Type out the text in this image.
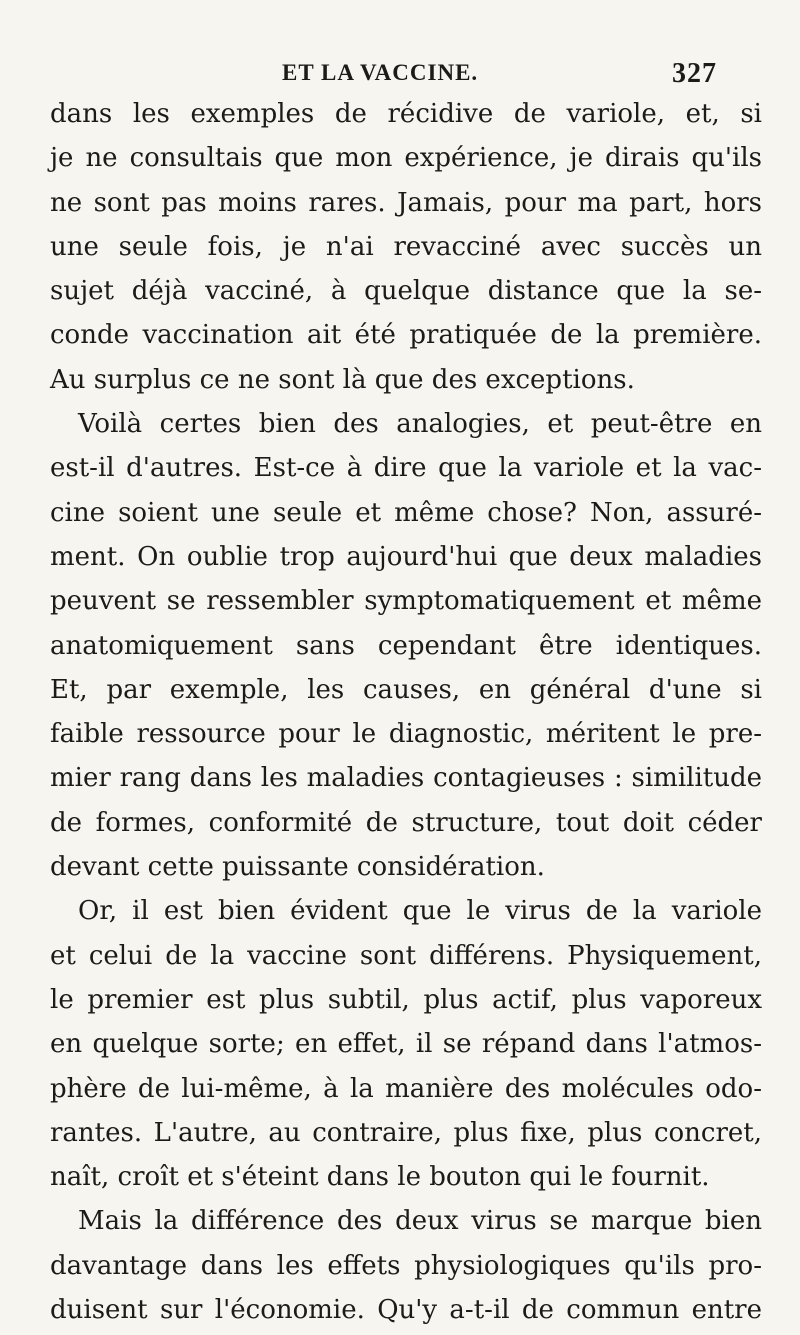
ET LA VACCINE.	327
dans les exemples de récidive de variole, et, si
je ne consultais que mon expérience, je dirais qu'ils
ne sont pas moins rares. Jamais, pour ma part, hors
une seule fois, je n'ai revacciné avec succès un
sujet déjà vacciné, à quelque distance que la se-
conde vaccination ait été pratiquée de la première.
Au surplus ce ne sont là que des exceptions.
Voilà certes bien des analogies, et peut-être en
est-il d'autres. Est-ce à dire que la variole et la vac-
cine soient une seule et même chose? Non, assuré-
ment. On oublie trop aujourd'hui que deux maladies
peuvent se ressembler symptomatiquement et même
anatomiquement sans cependant être identiques.
Et, par exemple, les causes, en général d'une si
faible ressource pour le diagnostic, méritent le pre-
mier rang dans les maladies contagieuses : similitude
de formes, conformité de structure, tout doit céder
devant cette puissante considération.
Or, il est bien évident que le virus de la variole
et celui de la vaccine sont différens. Physiquement,
le premier est plus subtil, plus actif, plus vaporeux
en quelque sorte; en effet, il se répand dans l'atmos-
phère de lui-même, à la manière des molécules odo-
rantes. L'autre, au contraire, plus fixe, plus concret,
naît, croît et s'éteint dans le bouton qui le fournit.
Mais la différence des deux virus se marque bien
davantage dans les effets physiologiques qu'ils pro-
duisent sur l'économie. Qu'y a-t-il de commun entre
